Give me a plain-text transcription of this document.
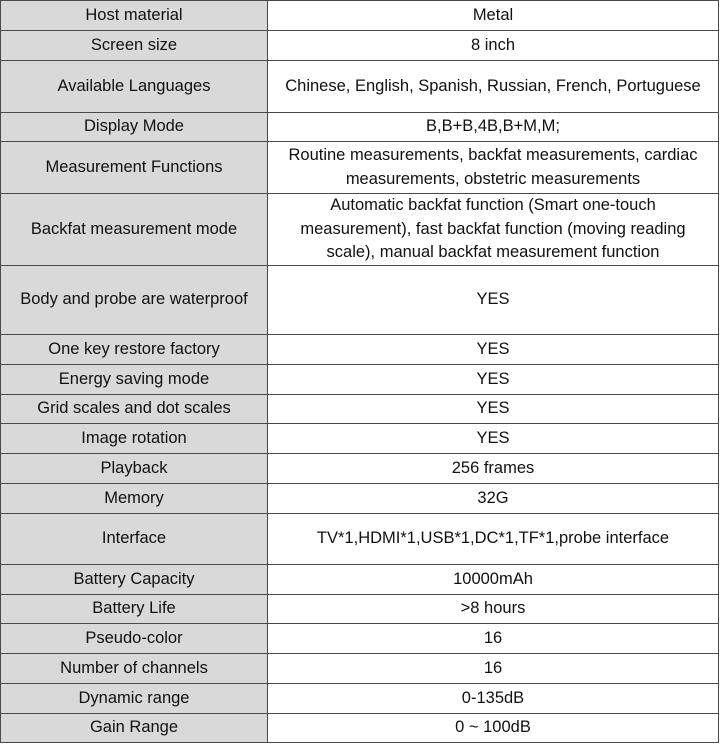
Host material	Metal
Screen size	8 inch
Available Languages	Chinese, English, Spanish, Russian, French, Portuguese
Display Mode	B,B+B,4B,B+M,M;
Measurement Functions	Routine measurements, backfat measurements, cardiac measurements, obstetric measurements
Backfat measurement mode	Automatic backfat function (Smart one-touch measurement), fast backfat function (moving reading scale), manual backfat measurement function
Body and probe are waterproof	YES
One key restore factory	YES
Energy saving mode	YES
Grid scales and dot scales	YES
Image rotation	YES
Playback	256 frames
Memory	32G
Interface	TV*1,HDMI*1,USB*1,DC*1,TF*1,probe interface
Battery Capacity	10000mAh
Battery Life	>8 hours
Pseudo-color	16
Number of channels	16
Dynamic range	0-135dB
Gain Range	0 ~ 100dB
